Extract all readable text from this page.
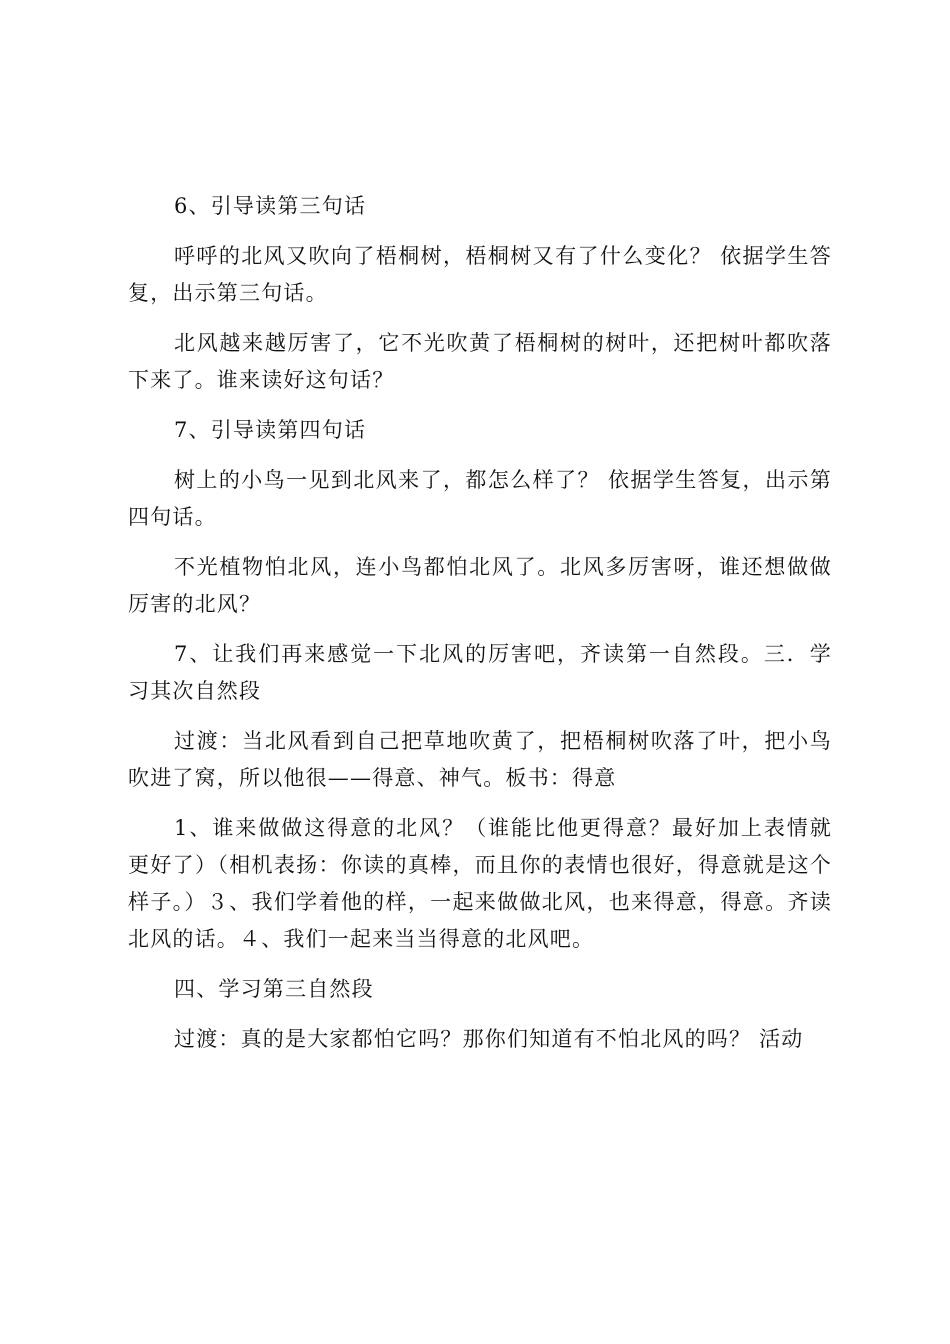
6、引导读第三句话

呼呼的北风又吹向了梧桐树，梧桐树又有了什么变化？ 依据学生答复，出示第三句话。

北风越来越厉害了，它不光吹黄了梧桐树的树叶，还把树叶都吹落下来了。谁来读好这句话？

7、引导读第四句话

树上的小鸟一见到北风来了，都怎么样了？ 依据学生答复，出示第四句话。

不光植物怕北风，连小鸟都怕北风了。北风多厉害呀，谁还想做做厉害的北风？

7、让我们再来感觉一下北风的厉害吧，齐读第一自然段。三．学习其次自然段

过渡：当北风看到自己把草地吹黄了，把梧桐树吹落了叶，把小鸟吹进了窝，所以他很——得意、神气。板书：得意

1、谁来做做这得意的北风？（谁能比他更得意？最好加上表情就更好了）（相机表扬：你读的真棒，而且你的表情也很好，得意就是这个样子。）３、我们学着他的样，一起来做做北风，也来得意，得意。齐读北风的话。４、我们一起来当当得意的北风吧。

四、学习第三自然段

过渡：真的是大家都怕它吗？那你们知道有不怕北风的吗？ 活动
